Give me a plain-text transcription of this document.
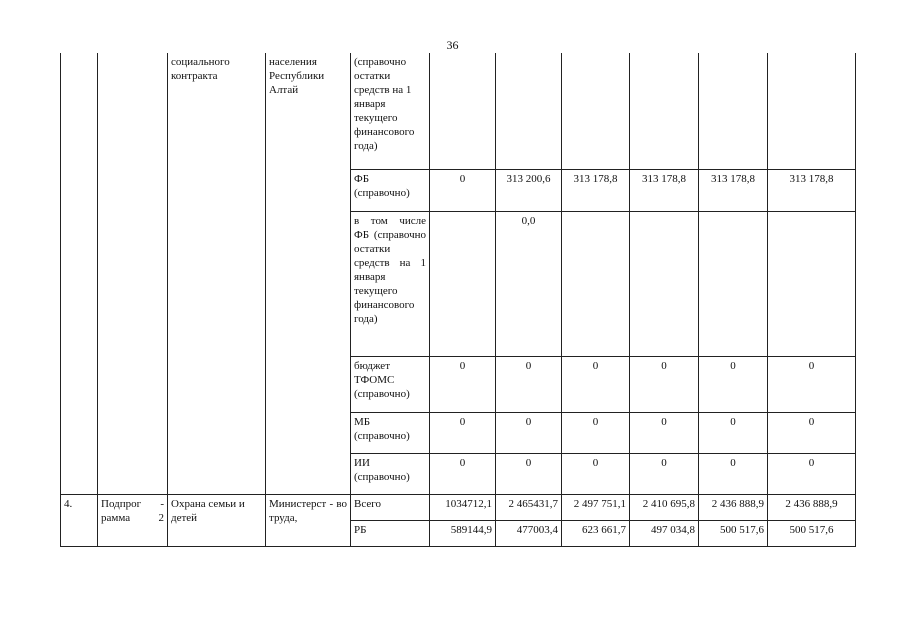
36
		социального контракта	населения Республики Алтай	(справочно остатки средств на 1 января текущего финансового года)						
				ФБ (справочно)	0	313 200,6	313 178,8	313 178,8	313 178,8	313 178,8
				в том числе ФБ (справочно остатки средств на 1 января текущего финансового года)		0,0				
				бюджет ТФОМС (справочно)	0	0	0	0	0	0
				МБ (справочно)	0	0	0	0	0	0
				ИИ (справочно)	0	0	0	0	0	0
4.	Подпрог - рамма 2	Охрана семьи и детей	Министерст - во труда,	Всего	1034712,1	2 465431,7	2 497 751,1	2 410 695,8	2 436 888,9	2 436 888,9
				РБ	589144,9	477003,4	623 661,7	497 034,8	500 517,6	500 517,6
